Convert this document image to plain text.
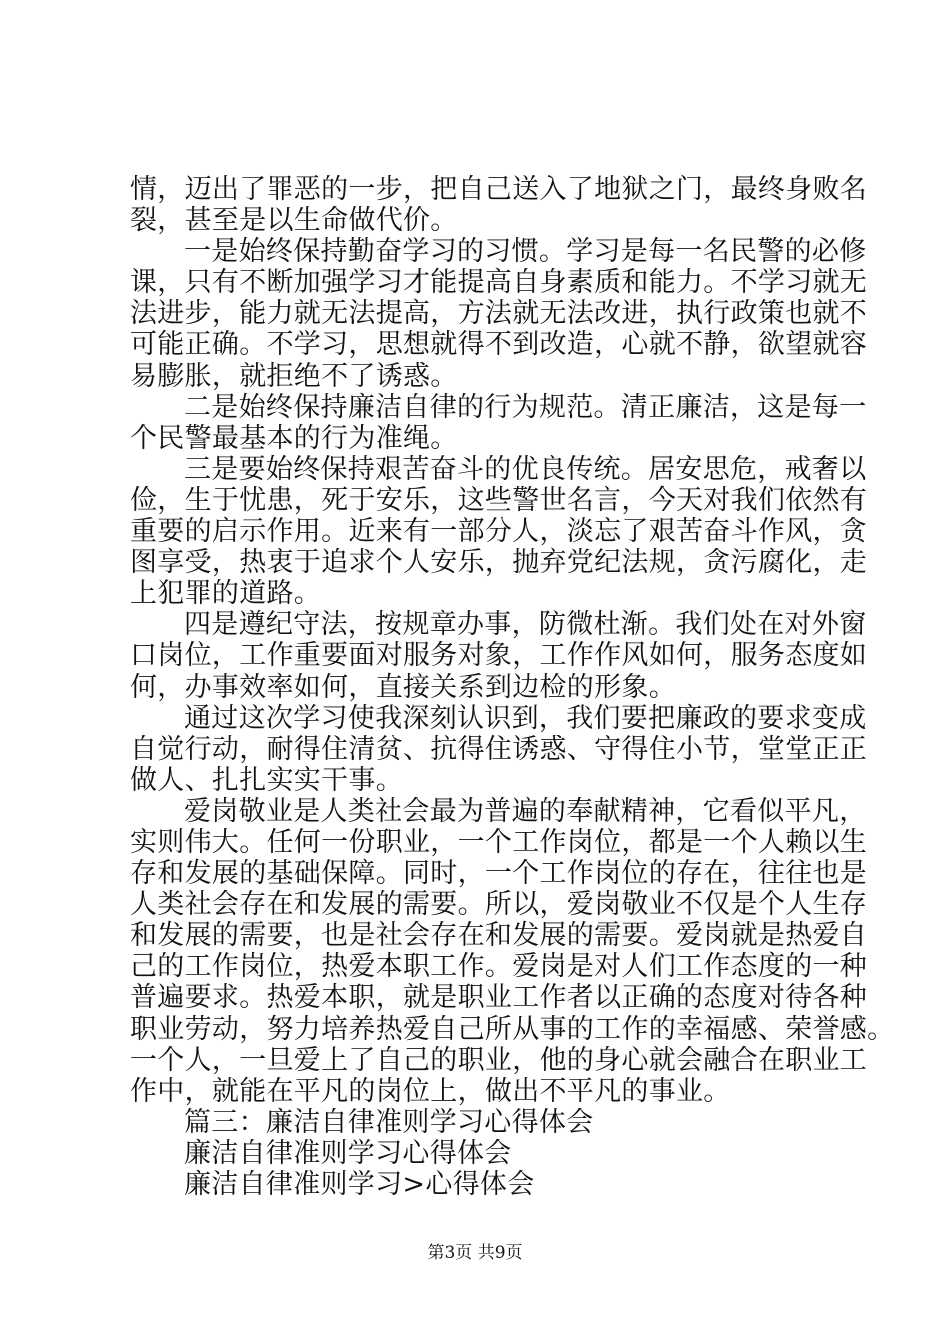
情，迈出了罪恶的一步，把自己送入了地狱之门，最终身败名
裂，甚至是以生命做代价。
一是始终保持勤奋学习的习惯。学习是每一名民警的必修
课，只有不断加强学习才能提高自身素质和能力。不学习就无
法进步，能力就无法提高，方法就无法改进，执行政策也就不
可能正确。不学习，思想就得不到改造，心就不静，欲望就容
易膨胀，就拒绝不了诱惑。
二是始终保持廉洁自律的行为规范。清正廉洁，这是每一
个民警最基本的行为准绳。
三是要始终保持艰苦奋斗的优良传统。居安思危，戒奢以
俭，生于忧患，死于安乐，这些警世名言，今天对我们依然有
重要的启示作用。近来有一部分人，淡忘了艰苦奋斗作风，贪
图享受，热衷于追求个人安乐，抛弃党纪法规，贪污腐化，走
上犯罪的道路。
四是遵纪守法，按规章办事，防微杜渐。我们处在对外窗
口岗位，工作重要面对服务对象，工作作风如何，服务态度如
何，办事效率如何，直接关系到边检的形象。
通过这次学习使我深刻认识到，我们要把廉政的要求变成
自觉行动，耐得住清贫、抗得住诱惑、守得住小节，堂堂正正
做人、扎扎实实干事。
爱岗敬业是人类社会最为普遍的奉献精神，它看似平凡，
实则伟大。任何一份职业，一个工作岗位，都是一个人赖以生
存和发展的基础保障。同时，一个工作岗位的存在，往往也是
人类社会存在和发展的需要。所以，爱岗敬业不仅是个人生存
和发展的需要，也是社会存在和发展的需要。爱岗就是热爱自
己的工作岗位，热爱本职工作。爱岗是对人们工作态度的一种
普遍要求。热爱本职，就是职业工作者以正确的态度对待各种
职业劳动，努力培养热爱自己所从事的工作的幸福感、荣誉感。
一个人，一旦爱上了自己的职业，他的身心就会融合在职业工
作中，就能在平凡的岗位上，做出不平凡的事业。
篇三：廉洁自律准则学习心得体会
廉洁自律准则学习心得体会
廉洁自律准则学习>心得体会
第3页 共9页
